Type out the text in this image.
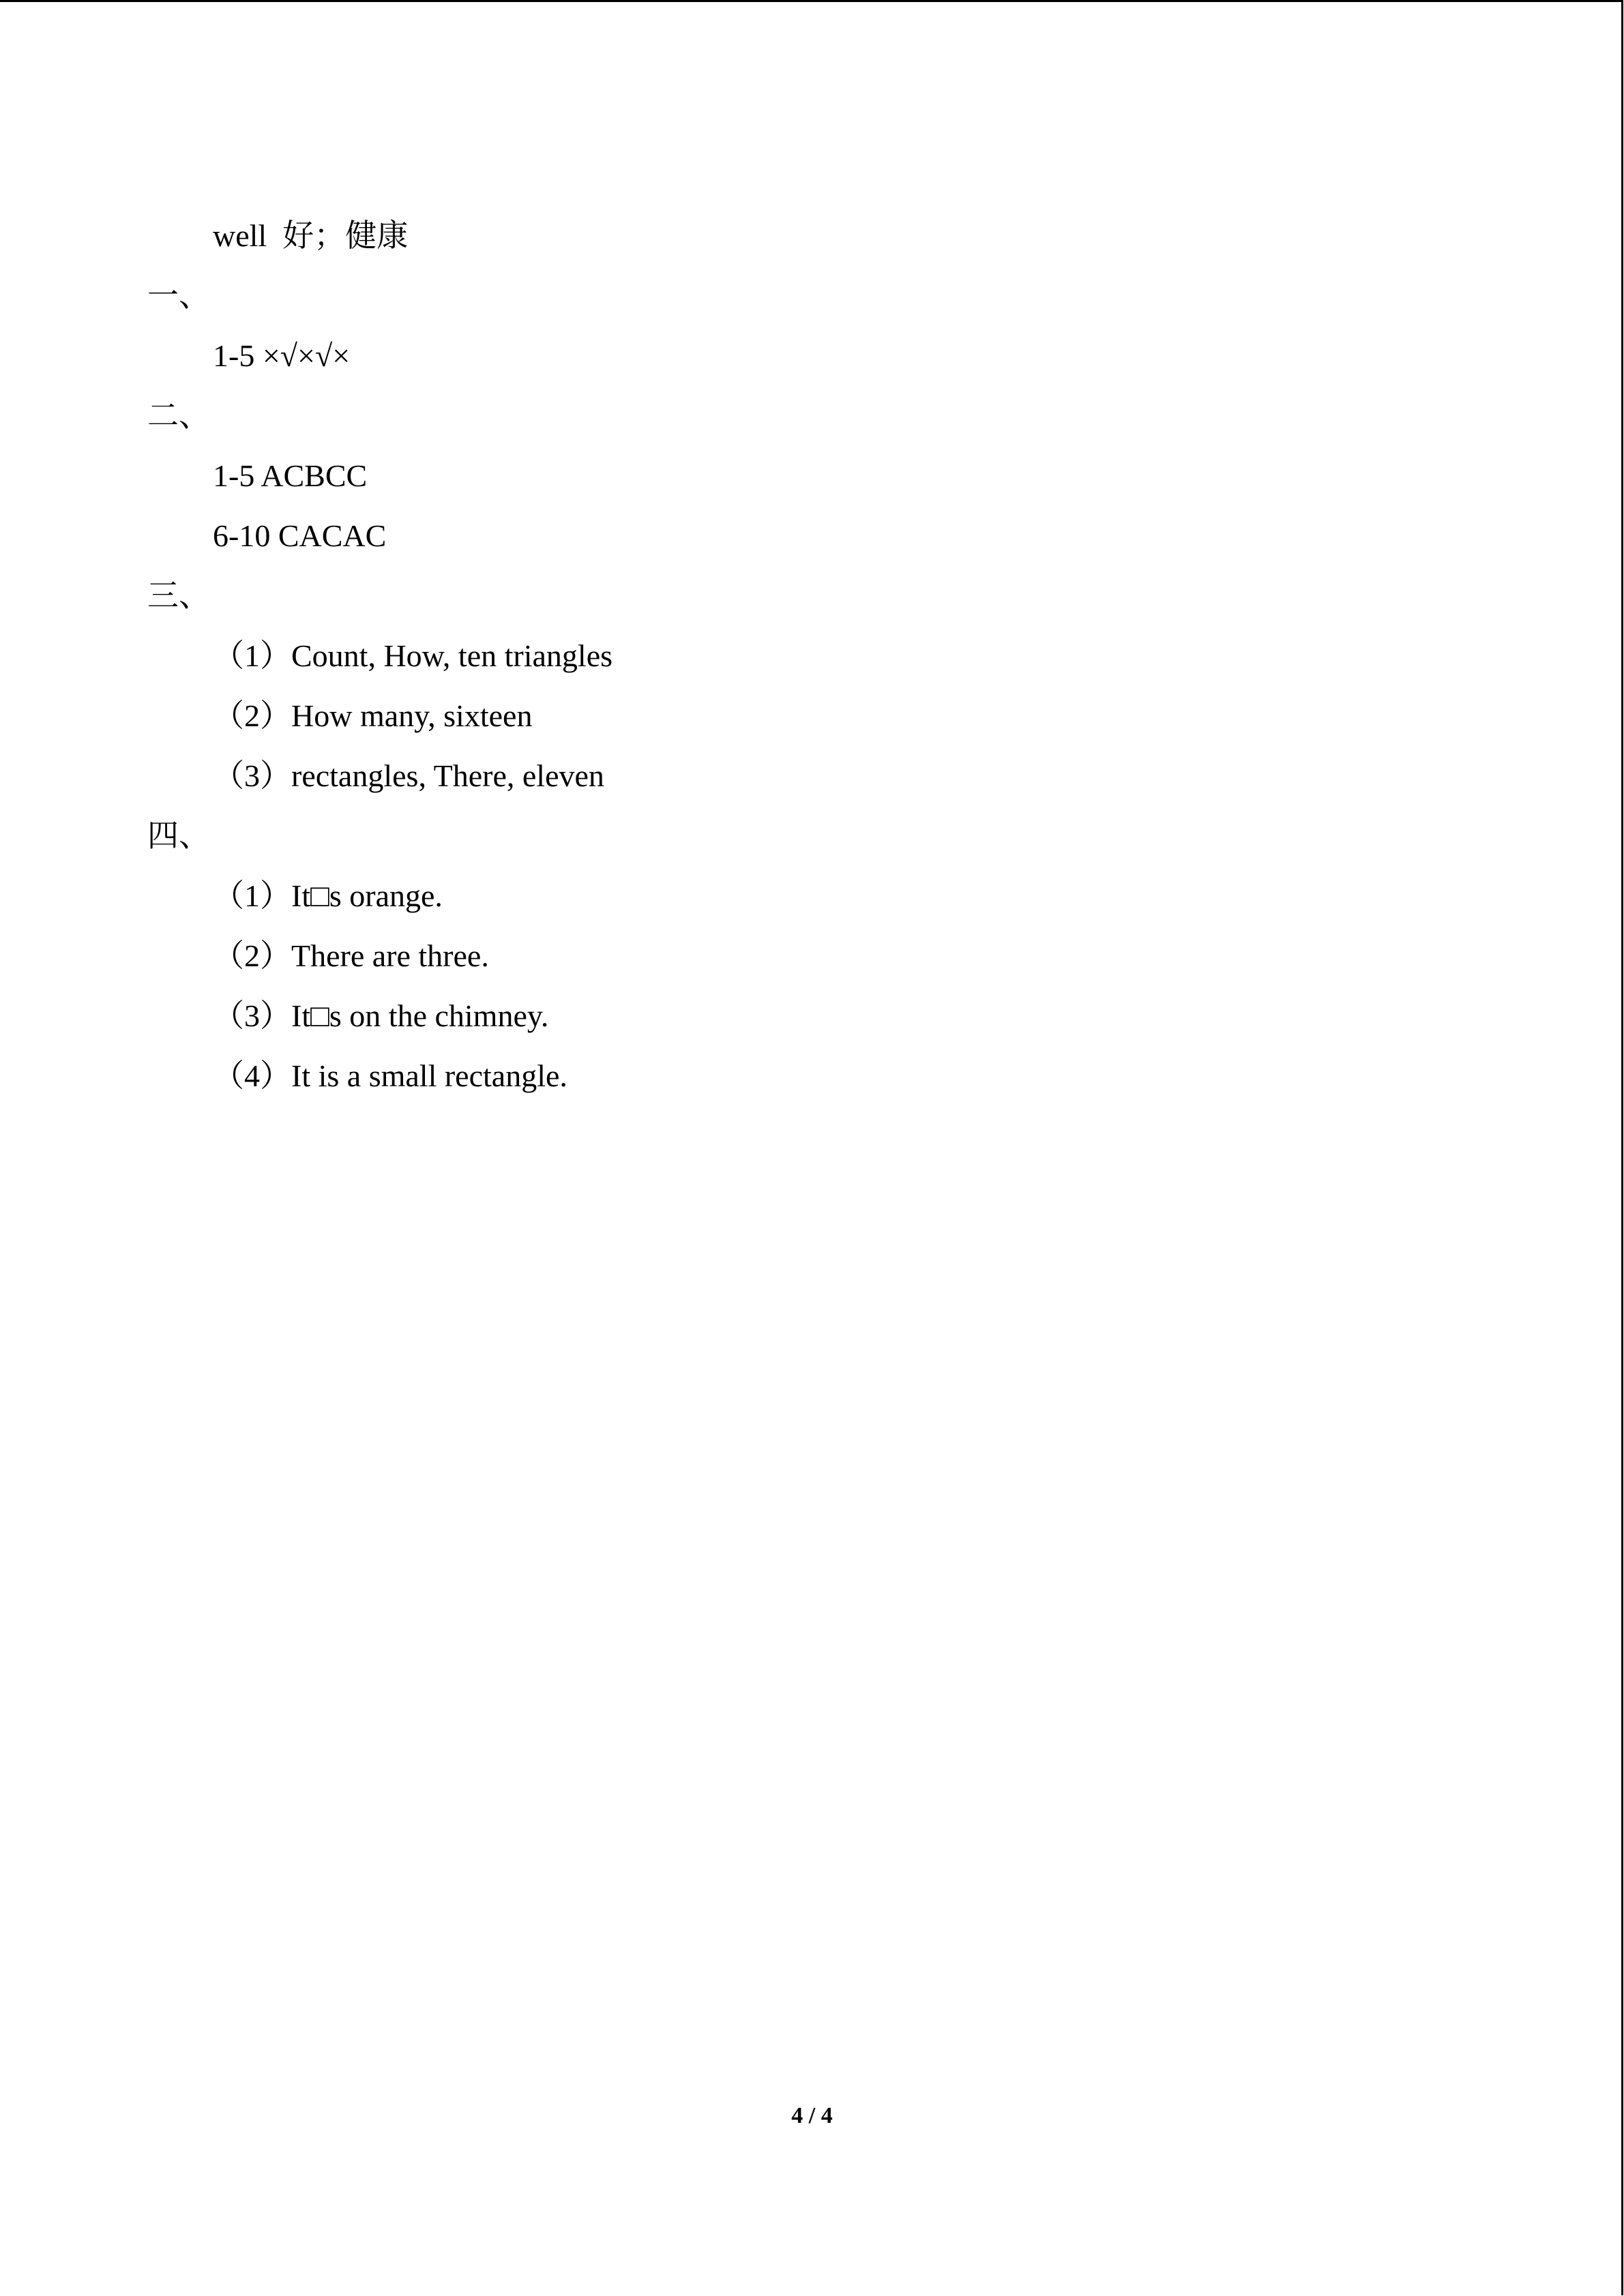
well  好；健康
一、
1-5 ×√×√×
二、
1-5 ACBCC
6-10 CACAC
三、
（1）Count, How, ten triangles
（2）How many, sixteen
（3）rectangles, There, eleven
四、
（1）It□s orange.
（2）There are three.
（3）It□s on the chimney.
（4）It is a small rectangle.
4 / 4
